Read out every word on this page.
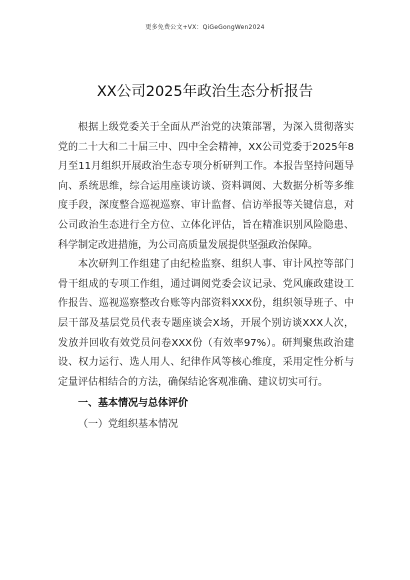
更多免费公文+VX：QiGeGongWen2024
XX公司2025年政治生态分析报告

根据上级党委关于全面从严治党的决策部署，为深入贯彻落实党的二十大和二十届三中、四中全会精神，XX公司党委于2025年8月至11月组织开展政治生态专项分析研判工作。本报告坚持问题导向、系统思维，综合运用座谈访谈、资料调阅、大数据分析等多维度手段，深度整合巡视巡察、审计监督、信访举报等关键信息，对公司政治生态进行全方位、立体化评估，旨在精准识别风险隐患、科学制定改进措施，为公司高质量发展提供坚强政治保障。

本次研判工作组建了由纪检监察、组织人事、审计风控等部门骨干组成的专项工作组，通过调阅党委会议记录、党风廉政建设工作报告、巡视巡察整改台账等内部资料XXX份，组织领导班子、中层干部及基层党员代表专题座谈会X场，开展个别访谈XXX人次，发放并回收有效党员问卷XXX份（有效率97%）。研判聚焦政治建设、权力运行、选人用人、纪律作风等核心维度，采用定性分析与定量评估相结合的方法，确保结论客观准确、建议切实可行。

一、基本情况与总体评价

（一）党组织基本情况
